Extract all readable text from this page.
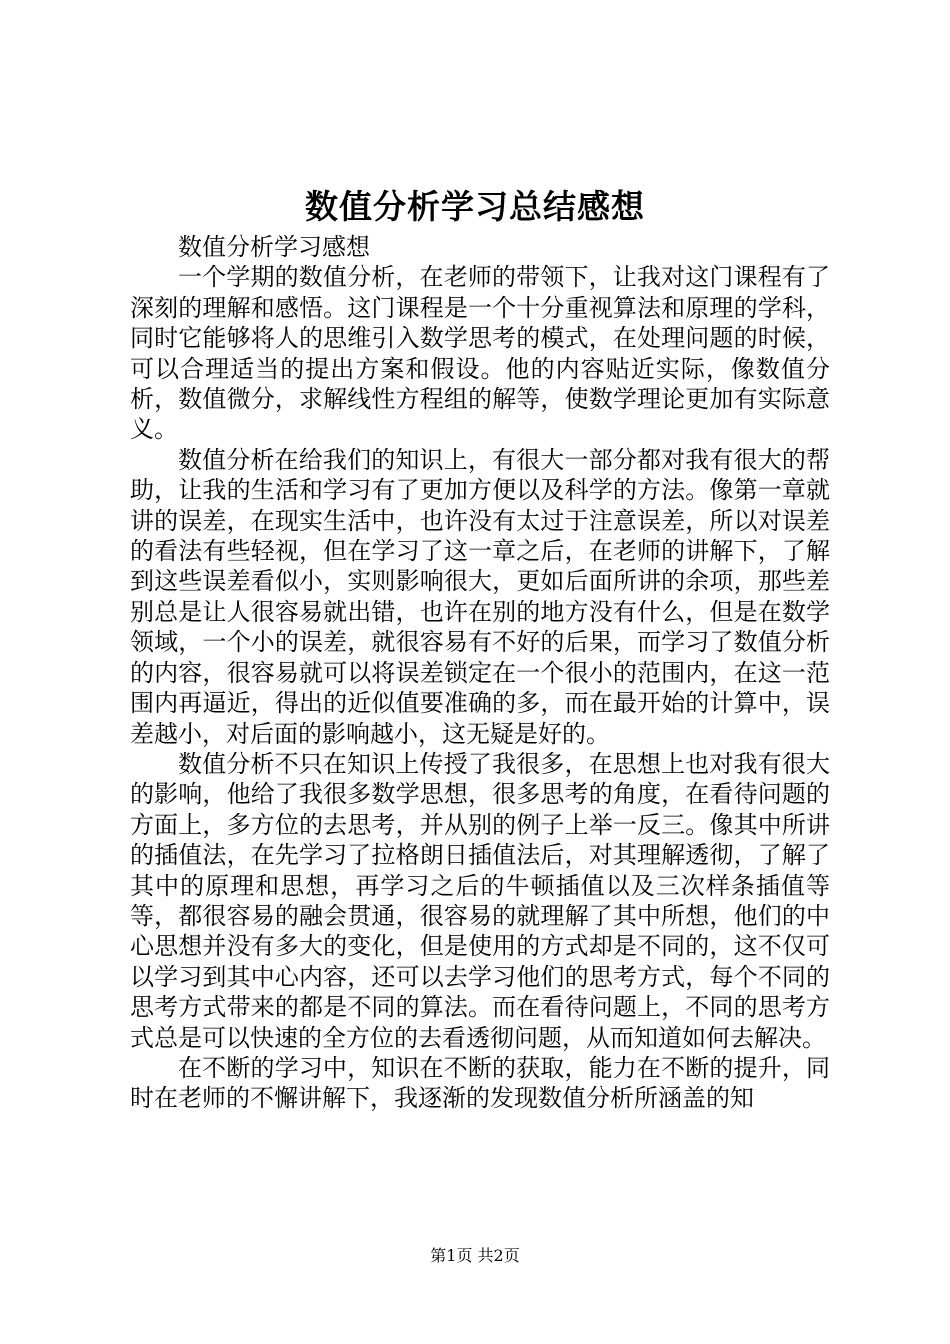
数值分析学习总结感想

数值分析学习感想

一个学期的数值分析，在老师的带领下，让我对这门课程有了深刻的理解和感悟。这门课程是一个十分重视算法和原理的学科，同时它能够将人的思维引入数学思考的模式，在处理问题的时候，可以合理适当的提出方案和假设。他的内容贴近实际，像数值分析，数值微分，求解线性方程组的解等，使数学理论更加有实际意义。

数值分析在给我们的知识上，有很大一部分都对我有很大的帮助，让我的生活和学习有了更加方便以及科学的方法。像第一章就讲的误差，在现实生活中，也许没有太过于注意误差，所以对误差的看法有些轻视，但在学习了这一章之后，在老师的讲解下，了解到这些误差看似小，实则影响很大，更如后面所讲的余项，那些差别总是让人很容易就出错，也许在别的地方没有什么，但是在数学领域，一个小的误差，就很容易有不好的后果，而学习了数值分析的内容，很容易就可以将误差锁定在一个很小的范围内，在这一范围内再逼近，得出的近似值要准确的多，而在最开始的计算中，误差越小，对后面的影响越小，这无疑是好的。

数值分析不只在知识上传授了我很多，在思想上也对我有很大的影响，他给了我很多数学思想，很多思考的角度，在看待问题的方面上，多方位的去思考，并从别的例子上举一反三。像其中所讲的插值法，在先学习了拉格朗日插值法后，对其理解透彻，了解了其中的原理和思想，再学习之后的牛顿插值以及三次样条插值等等，都很容易的融会贯通，很容易的就理解了其中所想，他们的中心思想并没有多大的变化，但是使用的方式却是不同的，这不仅可以学习到其中心内容，还可以去学习他们的思考方式，每个不同的思考方式带来的都是不同的算法。而在看待问题上，不同的思考方式总是可以快速的全方位的去看透彻问题，从而知道如何去解决。

在不断的学习中，知识在不断的获取，能力在不断的提升，同时在老师的不懈讲解下，我逐渐的发现数值分析所涵盖的知

第1页 共2页
